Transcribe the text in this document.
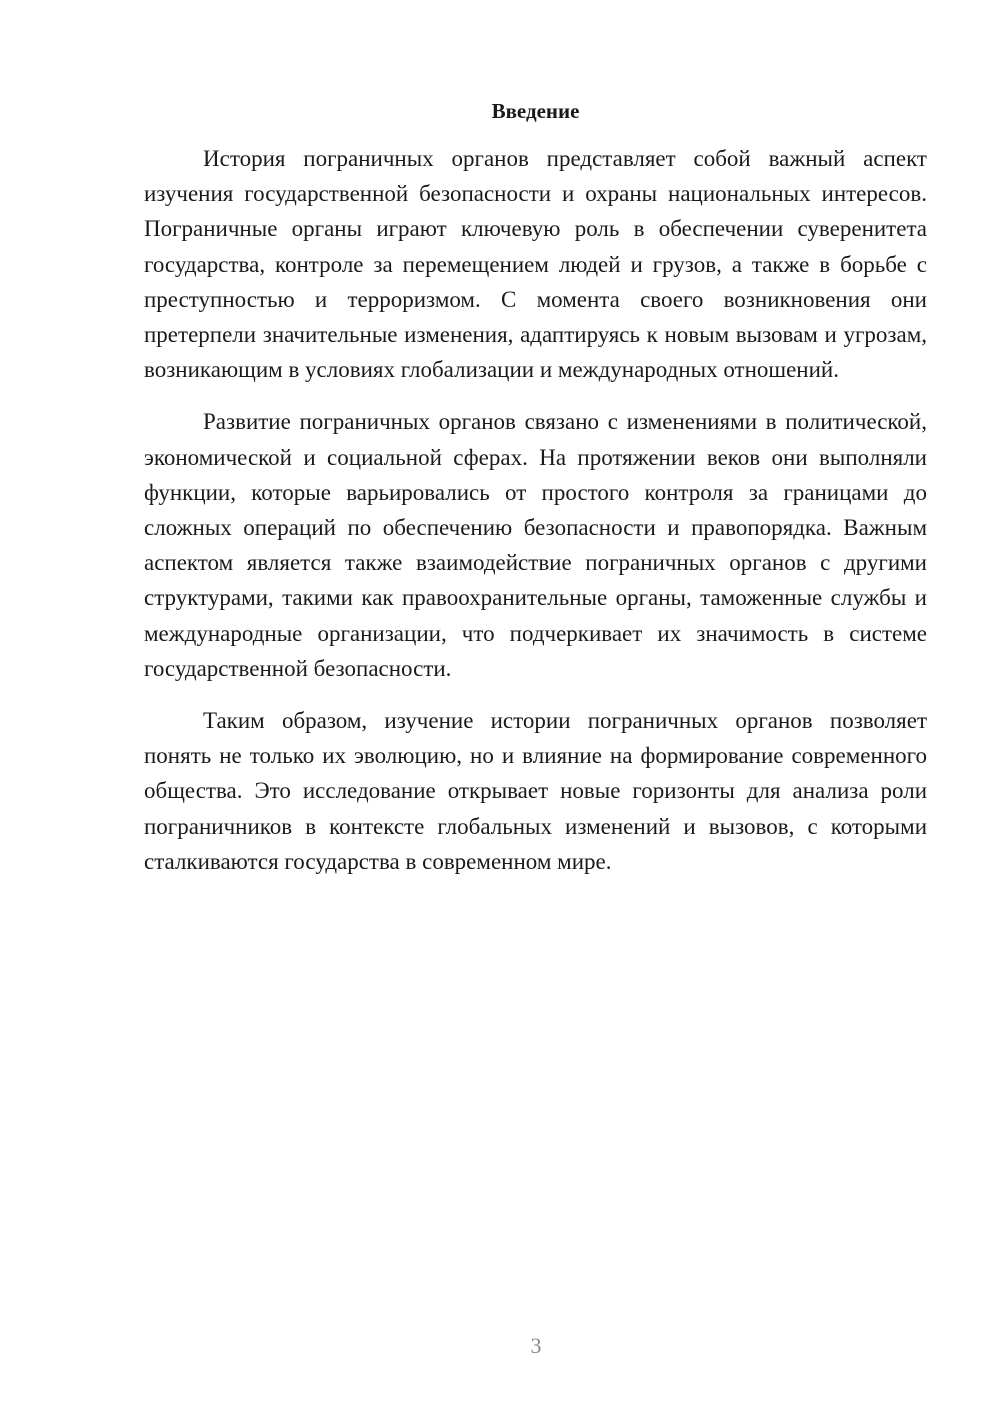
Введение

История пограничных органов представляет собой важный аспект изучения государственной безопасности и охраны национальных интересов. Пограничные органы играют ключевую роль в обеспечении суверенитета государства, контроле за перемещением людей и грузов, а также в борьбе с преступностью и терроризмом. С момента своего возникновения они претерпели значительные изменения, адаптируясь к новым вызовам и угрозам, возникающим в условиях глобализации и международных отношений.

Развитие пограничных органов связано с изменениями в политической, экономической и социальной сферах. На протяжении веков они выполняли функции, которые варьировались от простого контроля за границами до сложных операций по обеспечению безопасности и правопорядка. Важным аспектом является также взаимодействие пограничных органов с другими структурами, такими как правоохранительные органы, таможенные службы и международные организации, что подчеркивает их значимость в системе государственной безопасности.

Таким образом, изучение истории пограничных органов позволяет понять не только их эволюцию, но и влияние на формирование современного общества. Это исследование открывает новые горизонты для анализа роли пограничников в контексте глобальных изменений и вызовов, с которыми сталкиваются государства в современном мире.

3
